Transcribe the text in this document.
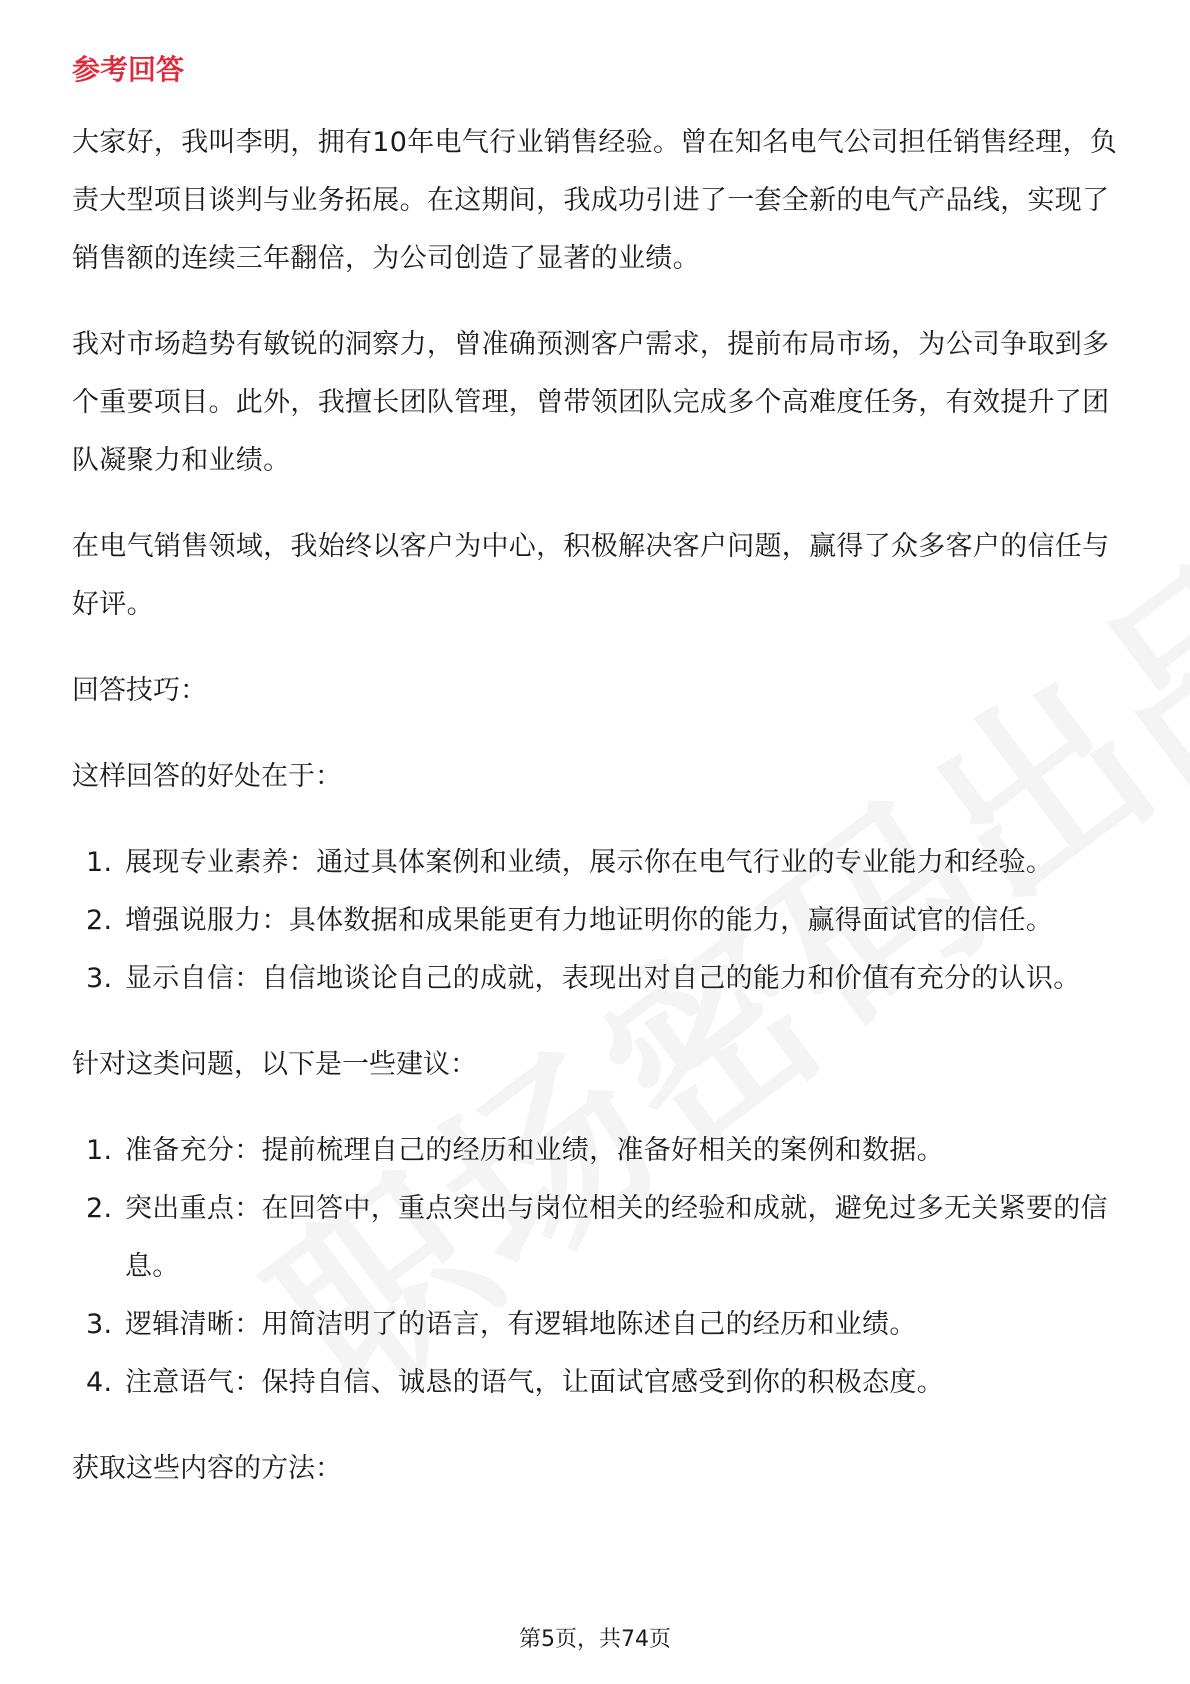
参考回答

大家好，我叫李明，拥有10年电气行业销售经验。曾在知名电气公司担任销售经理，负责大型项目谈判与业务拓展。在这期间，我成功引进了一套全新的电气产品线，实现了销售额的连续三年翻倍，为公司创造了显著的业绩。

我对市场趋势有敏锐的洞察力，曾准确预测客户需求，提前布局市场，为公司争取到多个重要项目。此外，我擅长团队管理，曾带领团队完成多个高难度任务，有效提升了团队凝聚力和业绩。

在电气销售领域，我始终以客户为中心，积极解决客户问题，赢得了众多客户的信任与好评。

回答技巧：

这样回答的好处在于：

1. 展现专业素养：通过具体案例和业绩，展示你在电气行业的专业能力和经验。
2. 增强说服力：具体数据和成果能更有力地证明你的能力，赢得面试官的信任。
3. 显示自信：自信地谈论自己的成就，表现出对自己的能力和价值有充分的认识。

针对这类问题，以下是一些建议：

1. 准备充分：提前梳理自己的经历和业绩，准备好相关的案例和数据。
2. 突出重点：在回答中，重点突出与岗位相关的经验和成就，避免过多无关紧要的信息。
3. 逻辑清晰：用简洁明了的语言，有逻辑地陈述自己的经历和业绩。
4. 注意语气：保持自信、诚恳的语气，让面试官感受到你的积极态度。

获取这些内容的方法：

第5页，共74页
